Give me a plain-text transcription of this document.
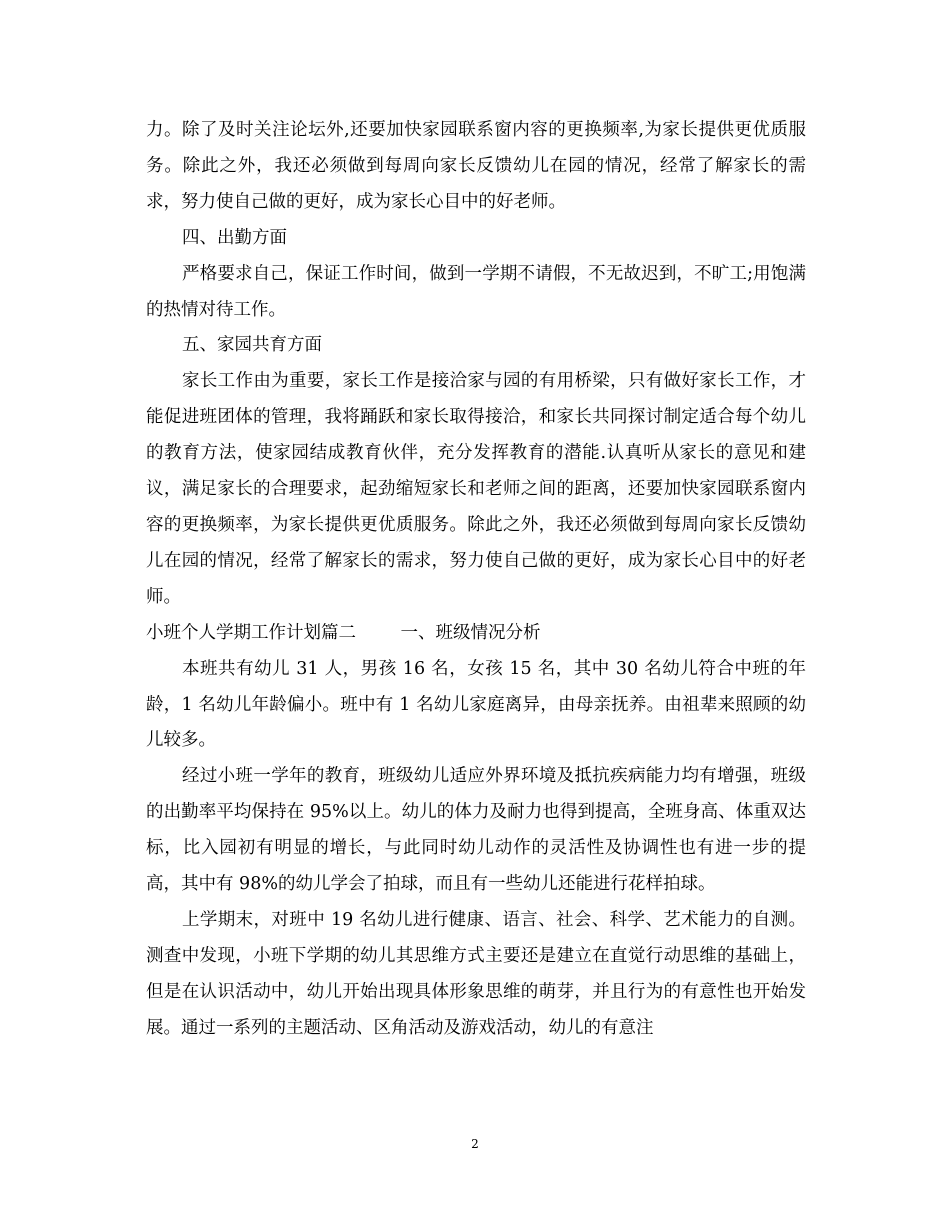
力。除了及时关注论坛外,还要加快家园联系窗内容的更换频率,为家长提供更优质服务。除此之外，我还必须做到每周向家长反馈幼儿在园的情况，经常了解家长的需求，努力使自己做的更好，成为家长心目中的好老师。

四、出勤方面

严格要求自己，保证工作时间，做到一学期不请假，不无故迟到，不旷工;用饱满的热情对待工作。

五、家园共育方面

家长工作由为重要，家长工作是接洽家与园的有用桥梁，只有做好家长工作，才能促进班团体的管理，我将踊跃和家长取得接洽，和家长共同探讨制定适合每个幼儿的教育方法，使家园结成教育伙伴，充分发挥教育的潜能.认真听从家长的意见和建议，满足家长的合理要求，起劲缩短家长和老师之间的距离，还要加快家园联系窗内容的更换频率，为家长提供更优质服务。除此之外，我还必须做到每周向家长反馈幼儿在园的情况，经常了解家长的需求，努力使自己做的更好，成为家长心目中的好老师。

小班个人学期工作计划篇二        一、班级情况分析

本班共有幼儿 31 人，男孩 16 名，女孩 15 名，其中 30 名幼儿符合中班的年龄，1 名幼儿年龄偏小。班中有 1 名幼儿家庭离异，由母亲抚养。由祖辈来照顾的幼儿较多。

经过小班一学年的教育，班级幼儿适应外界环境及抵抗疾病能力均有增强，班级的出勤率平均保持在 95%以上。幼儿的体力及耐力也得到提高，全班身高、体重双达标，比入园初有明显的增长，与此同时幼儿动作的灵活性及协调性也有进一步的提高，其中有 98%的幼儿学会了拍球，而且有一些幼儿还能进行花样拍球。

上学期末，对班中 19 名幼儿进行健康、语言、社会、科学、艺术能力的自测。测查中发现，小班下学期的幼儿其思维方式主要还是建立在直觉行动思维的基础上，但是在认识活动中，幼儿开始出现具体形象思维的萌芽，并且行为的有意性也开始发展。通过一系列的主题活动、区角活动及游戏活动，幼儿的有意注

2
